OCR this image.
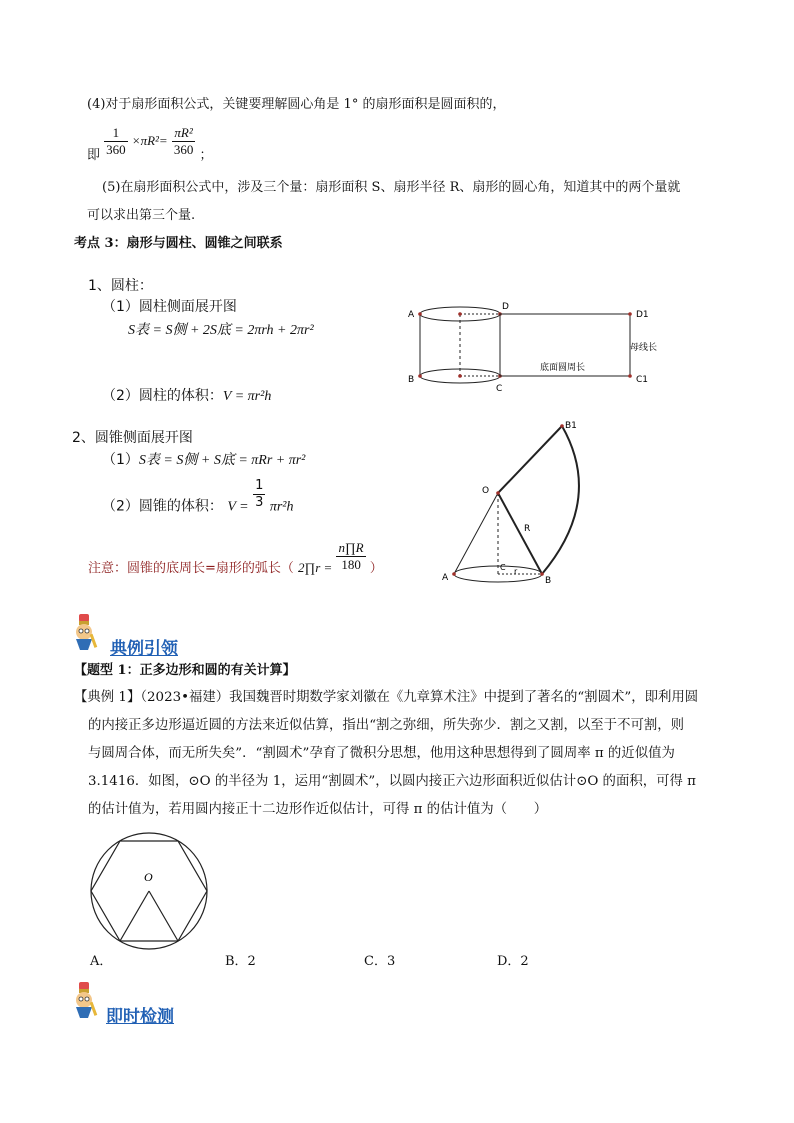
(4)对于扇形面积公式，关键要理解圆心角是 1° 的扇形面积是圆面积的，
即 $\frac{1}{360} \times\pi R^2= \frac{\text{πR²}}{360}$ ；
(5)在扇形面积公式中，涉及三个量：扇形面积 S、扇形半径 R、扇形的圆心角，知道其中的两个量就
可以求出第三个量.
考点 3：扇形与圆柱、圆锥之间联系
1、圆柱：
（1）圆柱侧面展开图
S表 = S侧 + 2S底 = 2πrh + 2πr²
（2）圆柱的体积：V = πr²h
2、圆锥侧面展开图
（1）S表 = S侧 + S底 = πRr + πr²
（2）圆锥的体积： $V = \frac{1}{3} \pi r^2h$
注意：圆锥的底周长=扇形的弧长（ 2∏r = $\frac{n\prod R}{180}$ ）
A
B
C
D
D1
C1
底面圆周长
母线长
O
A	B
C r
R
B1
典例引领
【题型 1：正多边形和圆的有关计算】
【典例 1】（2023•福建）我国魏晋时期数学家刘徽在《九章算术注》中提到了著名的“割圆术”，即利用圆
的内接正多边形逼近圆的方法来近似估算，指出“割之弥细，所失弥少．割之又割，以至于不可割，则
与圆周合体，而无所失矣”．“割圆术”孕育了微积分思想，他用这种思想得到了圆周率 π 的近似值为
3.1416．如图，⊙O 的半径为 1，运用“割圆术”，以圆内接正六边形面积近似估计⊙O 的面积，可得 π
的估计值为，若用圆内接正十二边形作近似估计，可得 π 的估计值为（　　）
O
A．	B．2	C．3	D．2
即时检测
